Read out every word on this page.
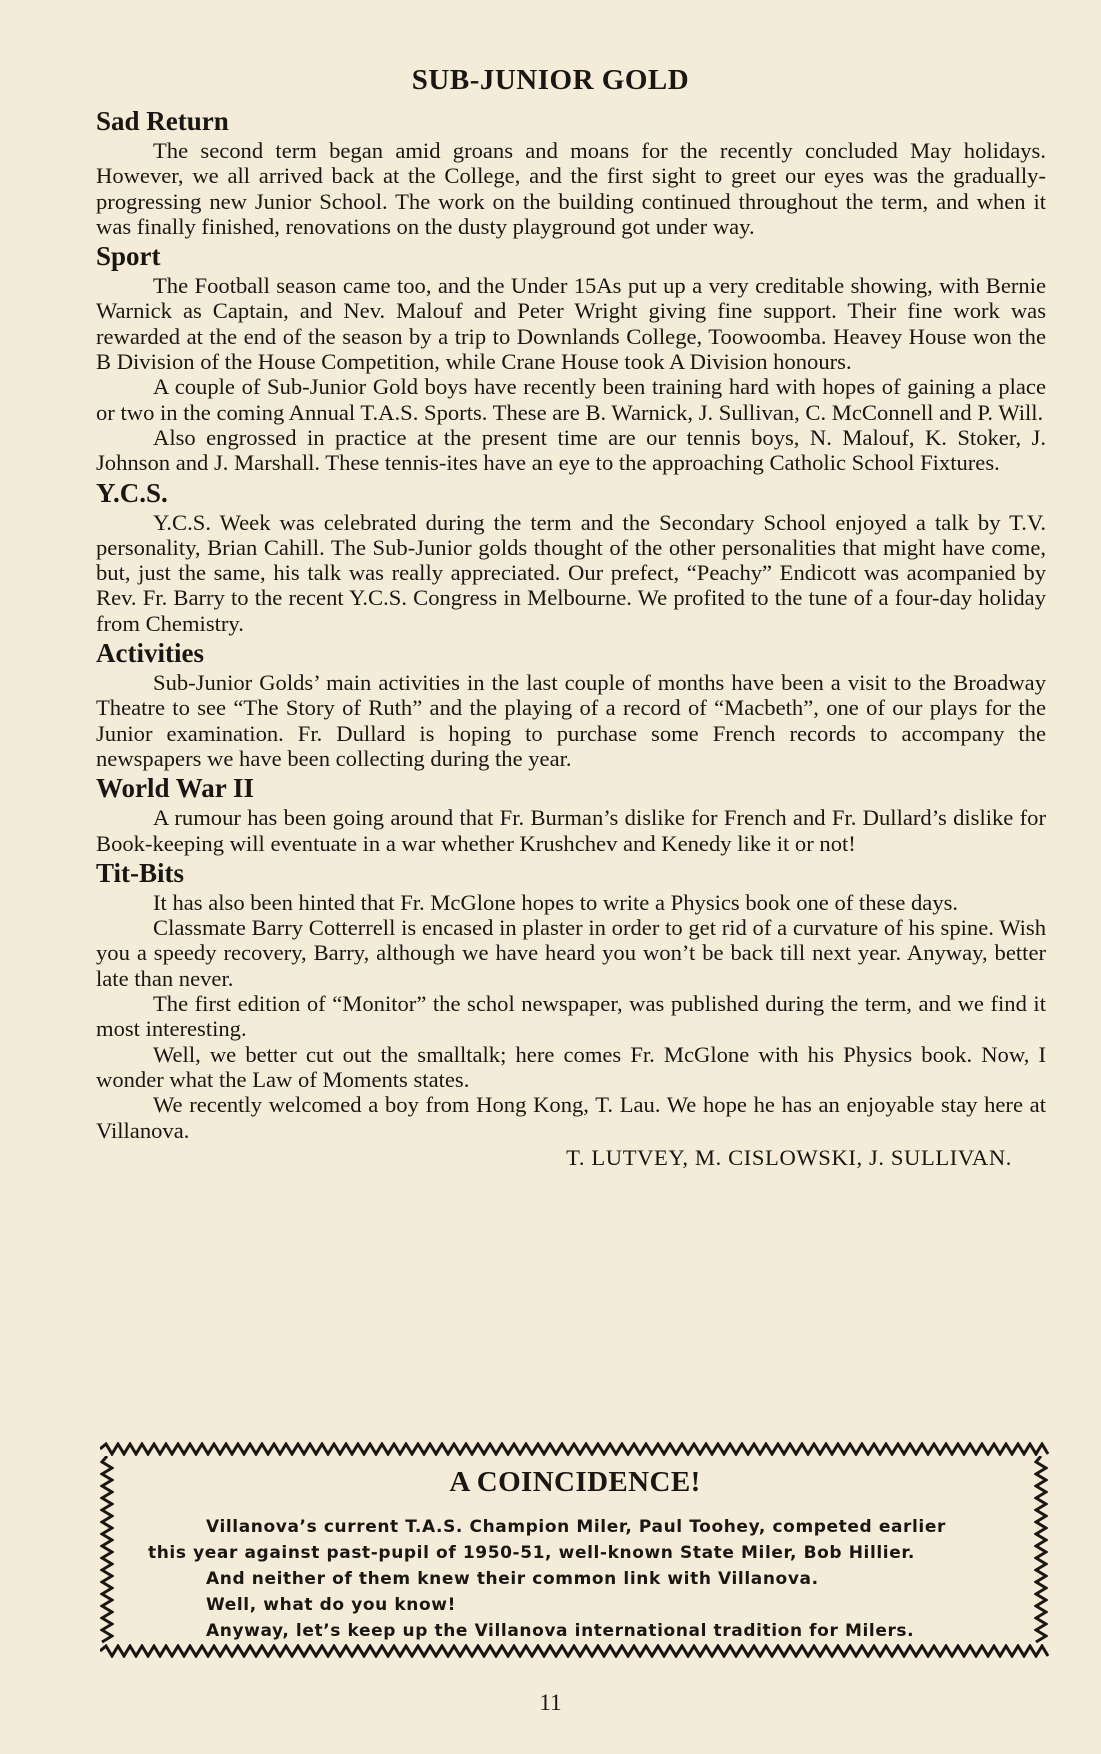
SUB-JUNIOR GOLD
Sad Return

The second term began amid groans and moans for the recently concluded May holidays. However, we all arrived back at the College, and the first sight to greet our eyes was the gradually-progressing new Junior School. The work on the building continued throughout the term, and when it was finally finished, renovations on the dusty playground got under way.

Sport

The Football season came too, and the Under 15As put up a very creditable showing, with Bernie Warnick as Captain, and Nev. Malouf and Peter Wright giving fine support. Their fine work was rewarded at the end of the season by a trip to Downlands College, Toowoomba. Heavey House won the B Division of the House Competition, while Crane House took A Division honours.

A couple of Sub-Junior Gold boys have recently been training hard with hopes of gaining a place or two in the coming Annual T.A.S. Sports. These are B. Warnick, J. Sullivan, C. McConnell and P. Will.

Also engrossed in practice at the present time are our tennis boys, N. Malouf, K. Stoker, J. Johnson and J. Marshall. These tennis-ites have an eye to the approaching Catholic School Fixtures.

Y.C.S.

Y.C.S. Week was celebrated during the term and the Secondary School enjoyed a talk by T.V. personality, Brian Cahill. The Sub-Junior golds thought of the other personalities that might have come, but, just the same, his talk was really appreciated. Our prefect, “Peachy” Endicott was acompanied by Rev. Fr. Barry to the recent Y.C.S. Congress in Melbourne. We profited to the tune of a four-day holiday from Chemistry.

Activities

Sub-Junior Golds’ main activities in the last couple of months have been a visit to the Broadway Theatre to see “The Story of Ruth” and the playing of a record of “Macbeth”, one of our plays for the Junior examination. Fr. Dullard is hoping to purchase some French records to accompany the newspapers we have been collecting during the year.

World War II

A rumour has been going around that Fr. Burman’s dislike for French and Fr. Dullard’s dislike for Book-keeping will eventuate in a war whether Krushchev and Kenedy like it or not!

Tit-Bits

It has also been hinted that Fr. McGlone hopes to write a Physics book one of these days.

Classmate Barry Cotterrell is encased in plaster in order to get rid of a curvature of his spine. Wish you a speedy recovery, Barry, although we have heard you won’t be back till next year. Anyway, better late than never.

The first edition of “Monitor” the schol newspaper, was published during the term, and we find it most interesting.

Well, we better cut out the smalltalk; here comes Fr. McGlone with his Physics book. Now, I wonder what the Law of Moments states.

We recently welcomed a boy from Hong Kong, T. Lau. We hope he has an enjoyable stay here at Villanova.

T. LUTVEY, M. CISLOWSKI, J. SULLIVAN.
A COINCIDENCE!

Villanova’s current T.A.S. Champion Miler, Paul Toohey, competed earlier

this year against past-pupil of 1950-51, well-known State Miler, Bob Hillier.

And neither of them knew their common link with Villanova.

Well, what do you know!

Anyway, let’s keep up the Villanova international tradition for Milers.

11
